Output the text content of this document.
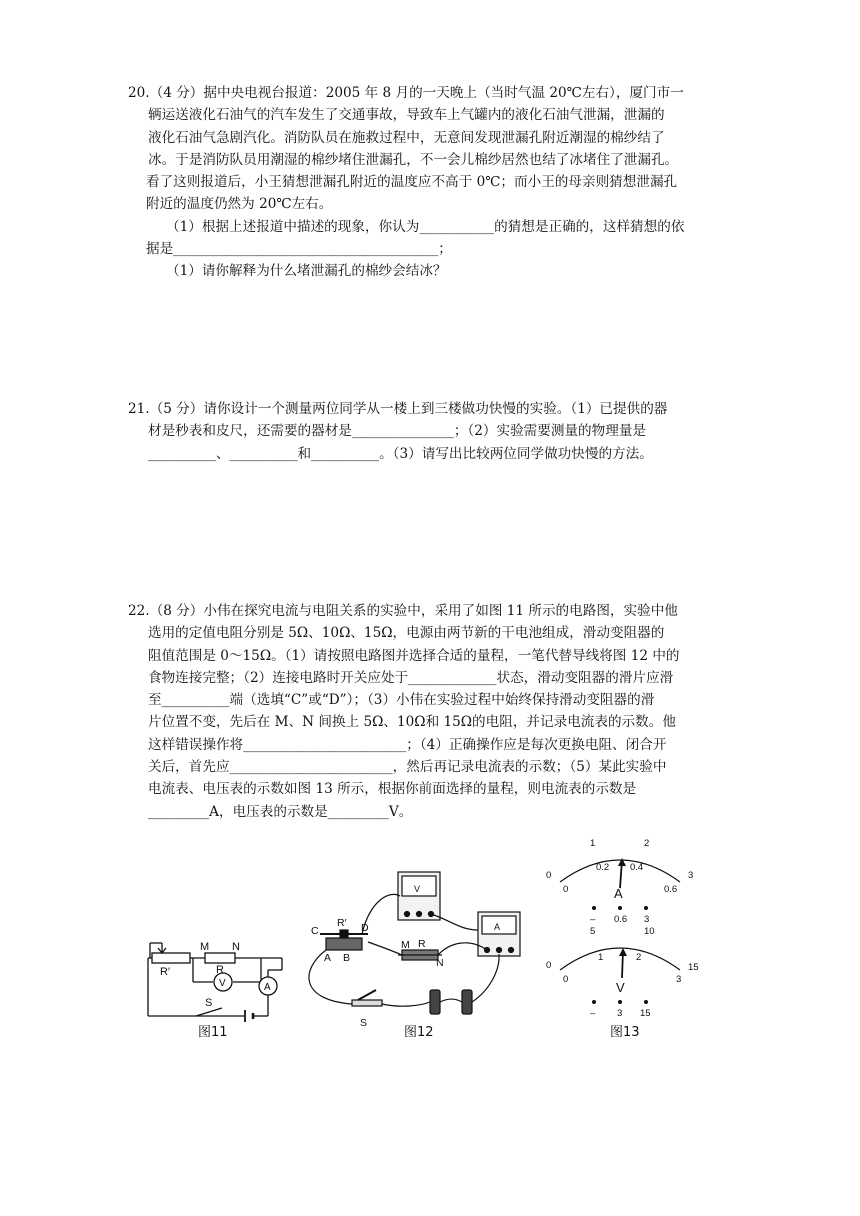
20.（4 分）据中央电视台报道：2005 年 8 月的一天晚上（当时气温 20℃左右），厦门市一
辆运送液化石油气的汽车发生了交通事故，导致车上气罐内的液化石油气泄漏，泄漏的
液化石油气急剧汽化。消防队员在施救过程中，无意间发现泄漏孔附近潮湿的棉纱结了
冰。于是消防队员用潮湿的棉纱堵住泄漏孔，不一会儿棉纱居然也结了冰堵住了泄漏孔。
看了这则报道后，小王猜想泄漏孔附近的温度应不高于 0℃；而小王的母亲则猜想泄漏孔
附近的温度仍然为 20℃左右。
（1）根据上述报道中描述的现象，你认为___________的猜想是正确的，这样猜想的依
据是_______________________________________；
（1）请你解释为什么堵泄漏孔的棉纱会结冰？
21.（5 分）请你设计一个测量两位同学从一楼上到三楼做功快慢的实验。（1）已提供的器
材是秒表和皮尺，还需要的器材是_______________；（2）实验需要测量的物理量是
__________、__________和__________。（3）请写出比较两位同学做功快慢的方法。
22.（8 分）小伟在探究电流与电阻关系的实验中，采用了如图 11 所示的电路图，实验中他
选用的定值电阻分别是 5Ω、10Ω、15Ω，电源由两节新的干电池组成，滑动变阻器的
阻值范围是 0～15Ω。（1）请按照电路图并选择合适的量程，一笔代替导线将图 12 中的
食物连接完整；（2）连接电路时开关应处于_____________状态，滑动变阻器的滑片应滑
至__________端（选填“C”或“D”）；（3）小伟在实验过程中始终保持滑动变阻器的滑
片位置不变，先后在 M、N 间换上 5Ω、10Ω和 15Ω的电阻，并记录电流表的示数。他
这样错误操作将________________________；（4）正确操作应是每次更换电阻、闭合开
关后，首先应________________________，然后再记录电流表的示数；（5）某此实验中
电流表、电压表的示数如图 13 所示，根据你前面选择的量程，则电流表的示数是
_________A，电压表的示数是_________V。
M N
R
R′
V	A
S
图11
C
R′ D
A B
M R
N
V
A
S
图12
0
1	2
3
0
0.2 0.4
0.6
A
– 0.6 3
0
5	10
15
0
1	2
3
V
– 3 15
图13
